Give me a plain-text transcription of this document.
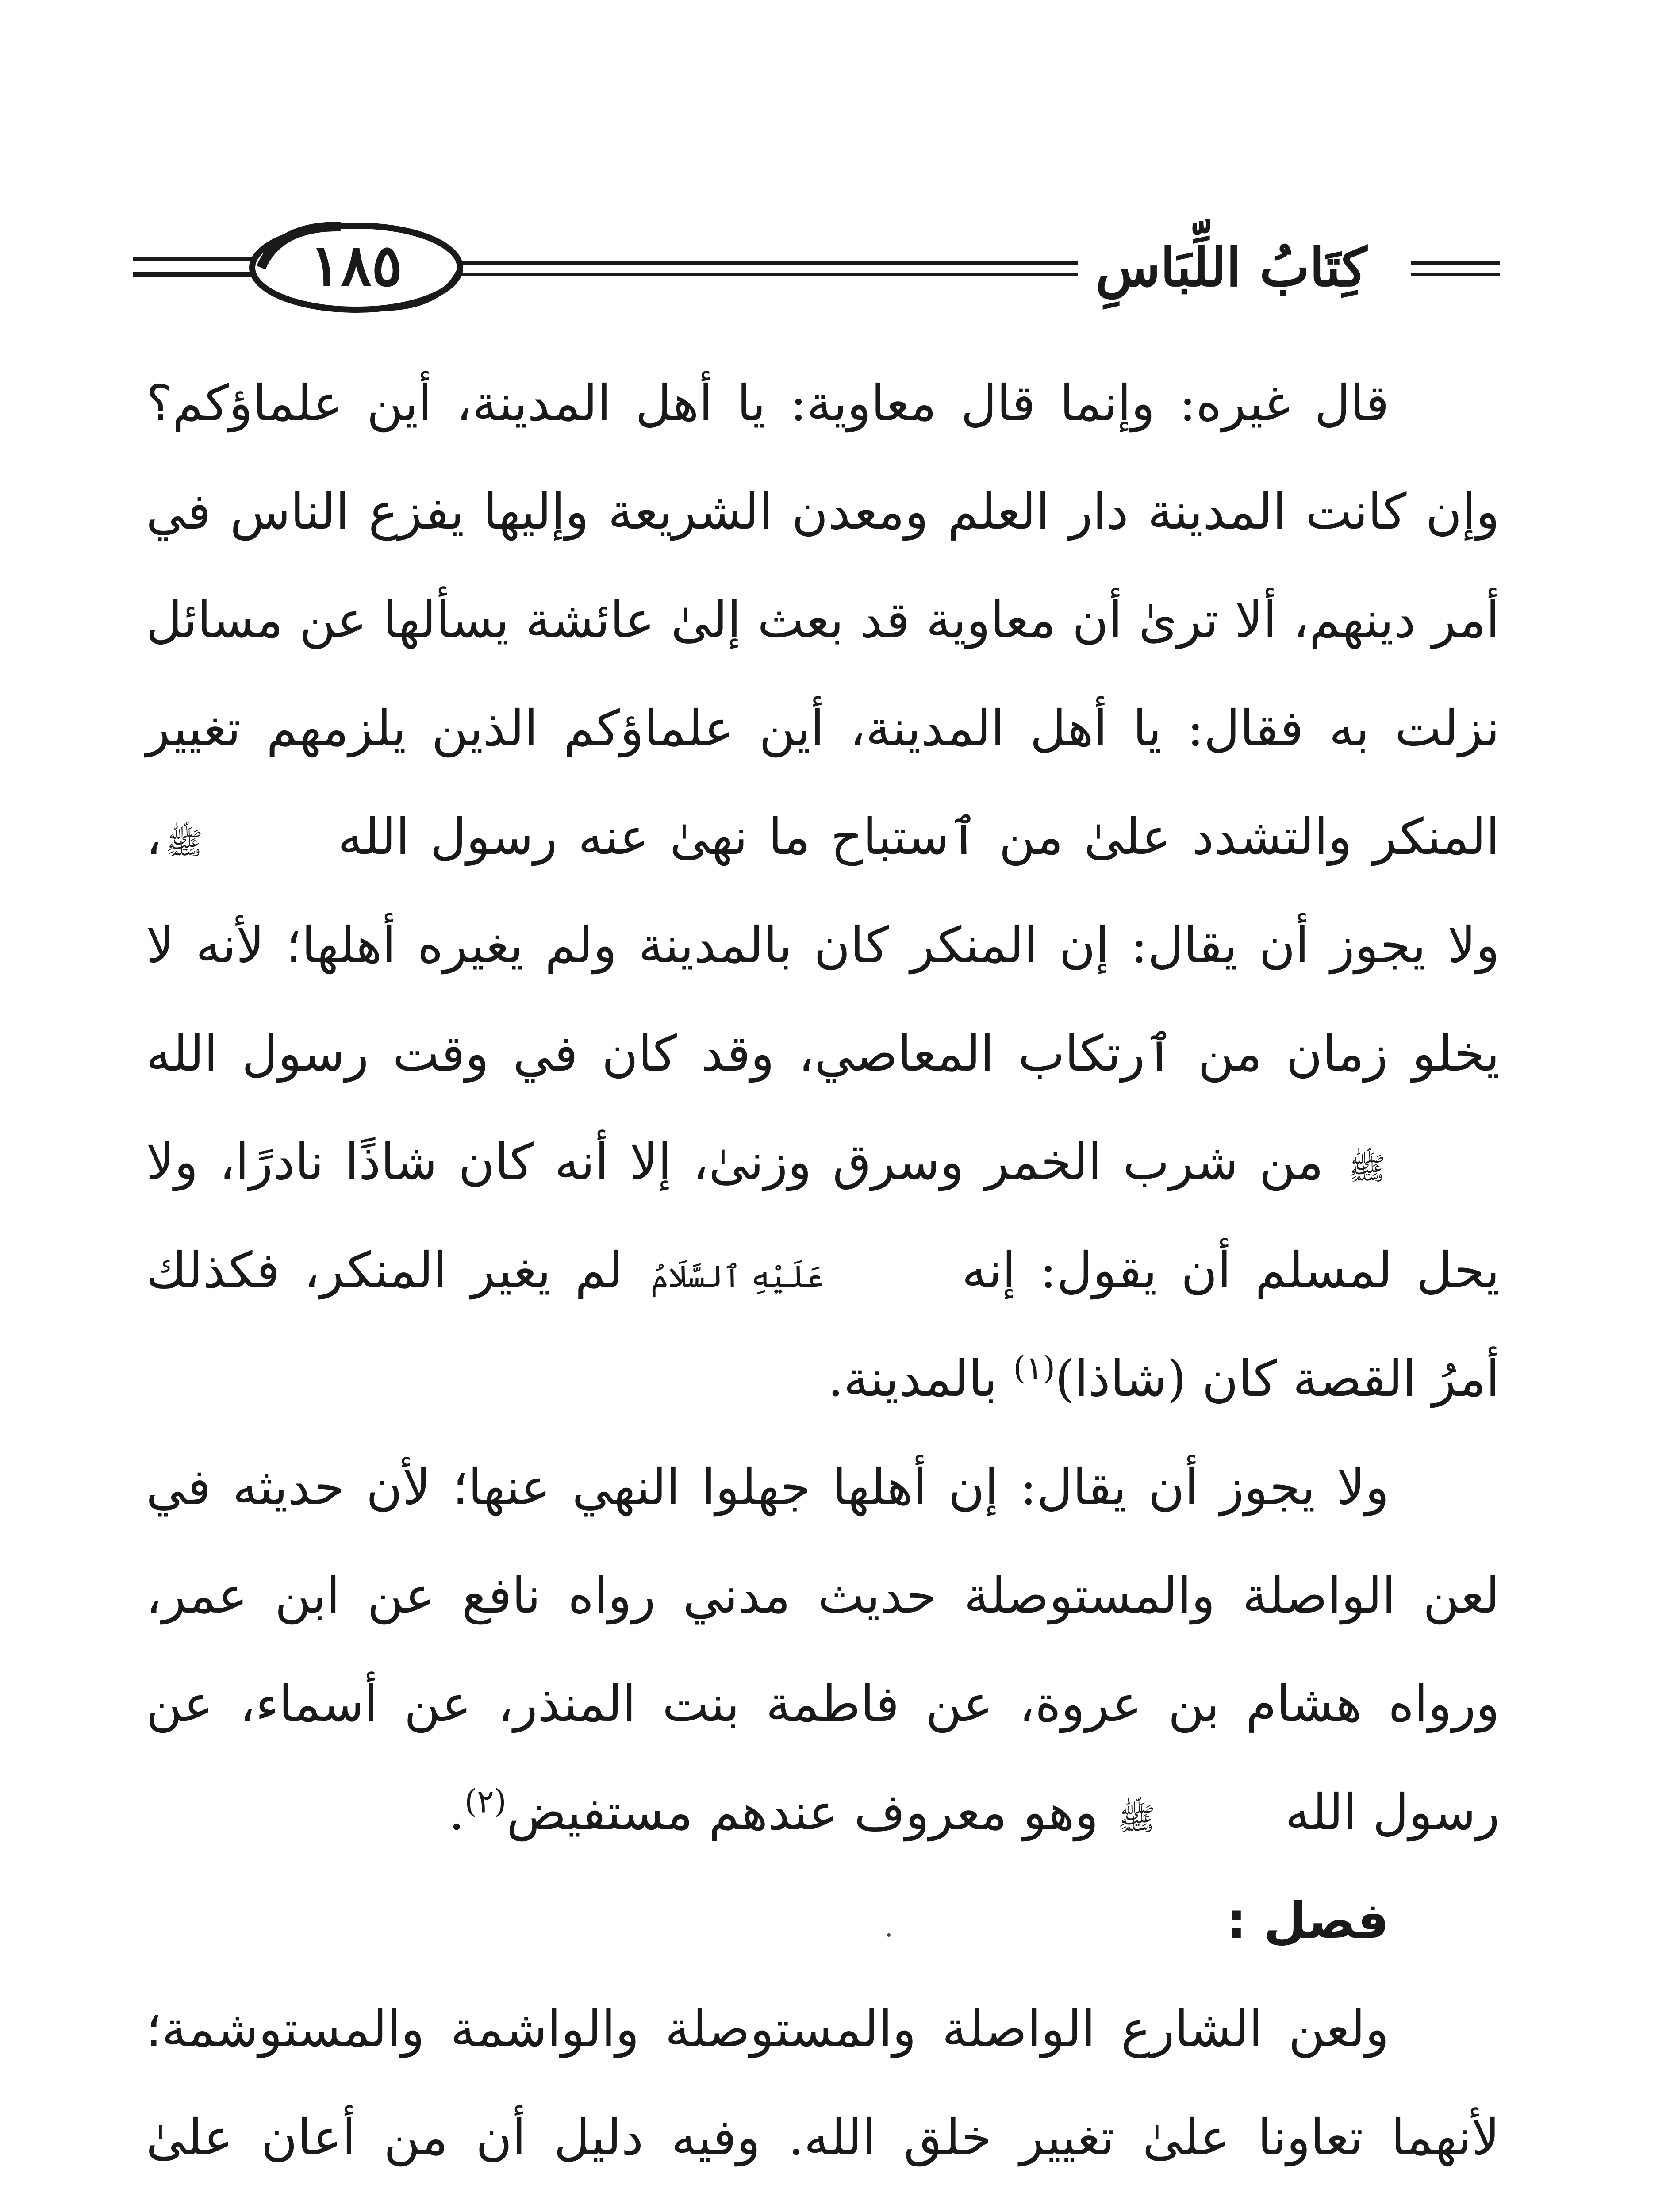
١٨٥	كِتَابُ اللِّبَاسِ

قال غيره: وإنما قال معاوية: يا أهل المدينة، أين علماؤكم؟ وإن كانت المدينة دار العلم ومعدن الشريعة وإليها يفزع الناس في أمر دينهم، ألا ترىٰ أن معاوية قد بعث إلىٰ عائشة يسألها عن مسائل نزلت به فقال: يا أهل المدينة، أين علماؤكم الذين يلزمهم تغيير المنكر والتشدد علىٰ من ٱستباح ما نهىٰ عنه رسول الله ﷺ، ولا يجوز أن يقال: إن المنكر كان بالمدينة ولم يغيره أهلها؛ لأنه لا يخلو زمان من ٱرتكاب المعاصي، وقد كان في وقت رسول الله ﷺ من شرب الخمر وسرق وزنىٰ، إلا أنه كان شاذًا نادرًا، ولا يحل لمسلم أن يقول: إنه عَلَيْهِ ٱلسَّلَامُ لم يغير المنكر، فكذلك أمرُ القصة كان (شاذا)$^{(١)}$ بالمدينة.

ولا يجوز أن يقال: إن أهلها جهلوا النهي عنها؛ لأن حديثه في لعن الواصلة والمستوصلة حديث مدني رواه نافع عن ابن عمر، ورواه هشام بن عروة، عن فاطمة بنت المنذر، عن أسماء، عن رسول الله ﷺ وهو معروف عندهم مستفيض$^{(٢)}$.

فصل :

ولعن الشارع الواصلة والمستوصلة والواشمة والمستوشمة؛ لأنهما تعاونا علىٰ تغيير خلق الله. وفيه دليل أن من أعان علىٰ
